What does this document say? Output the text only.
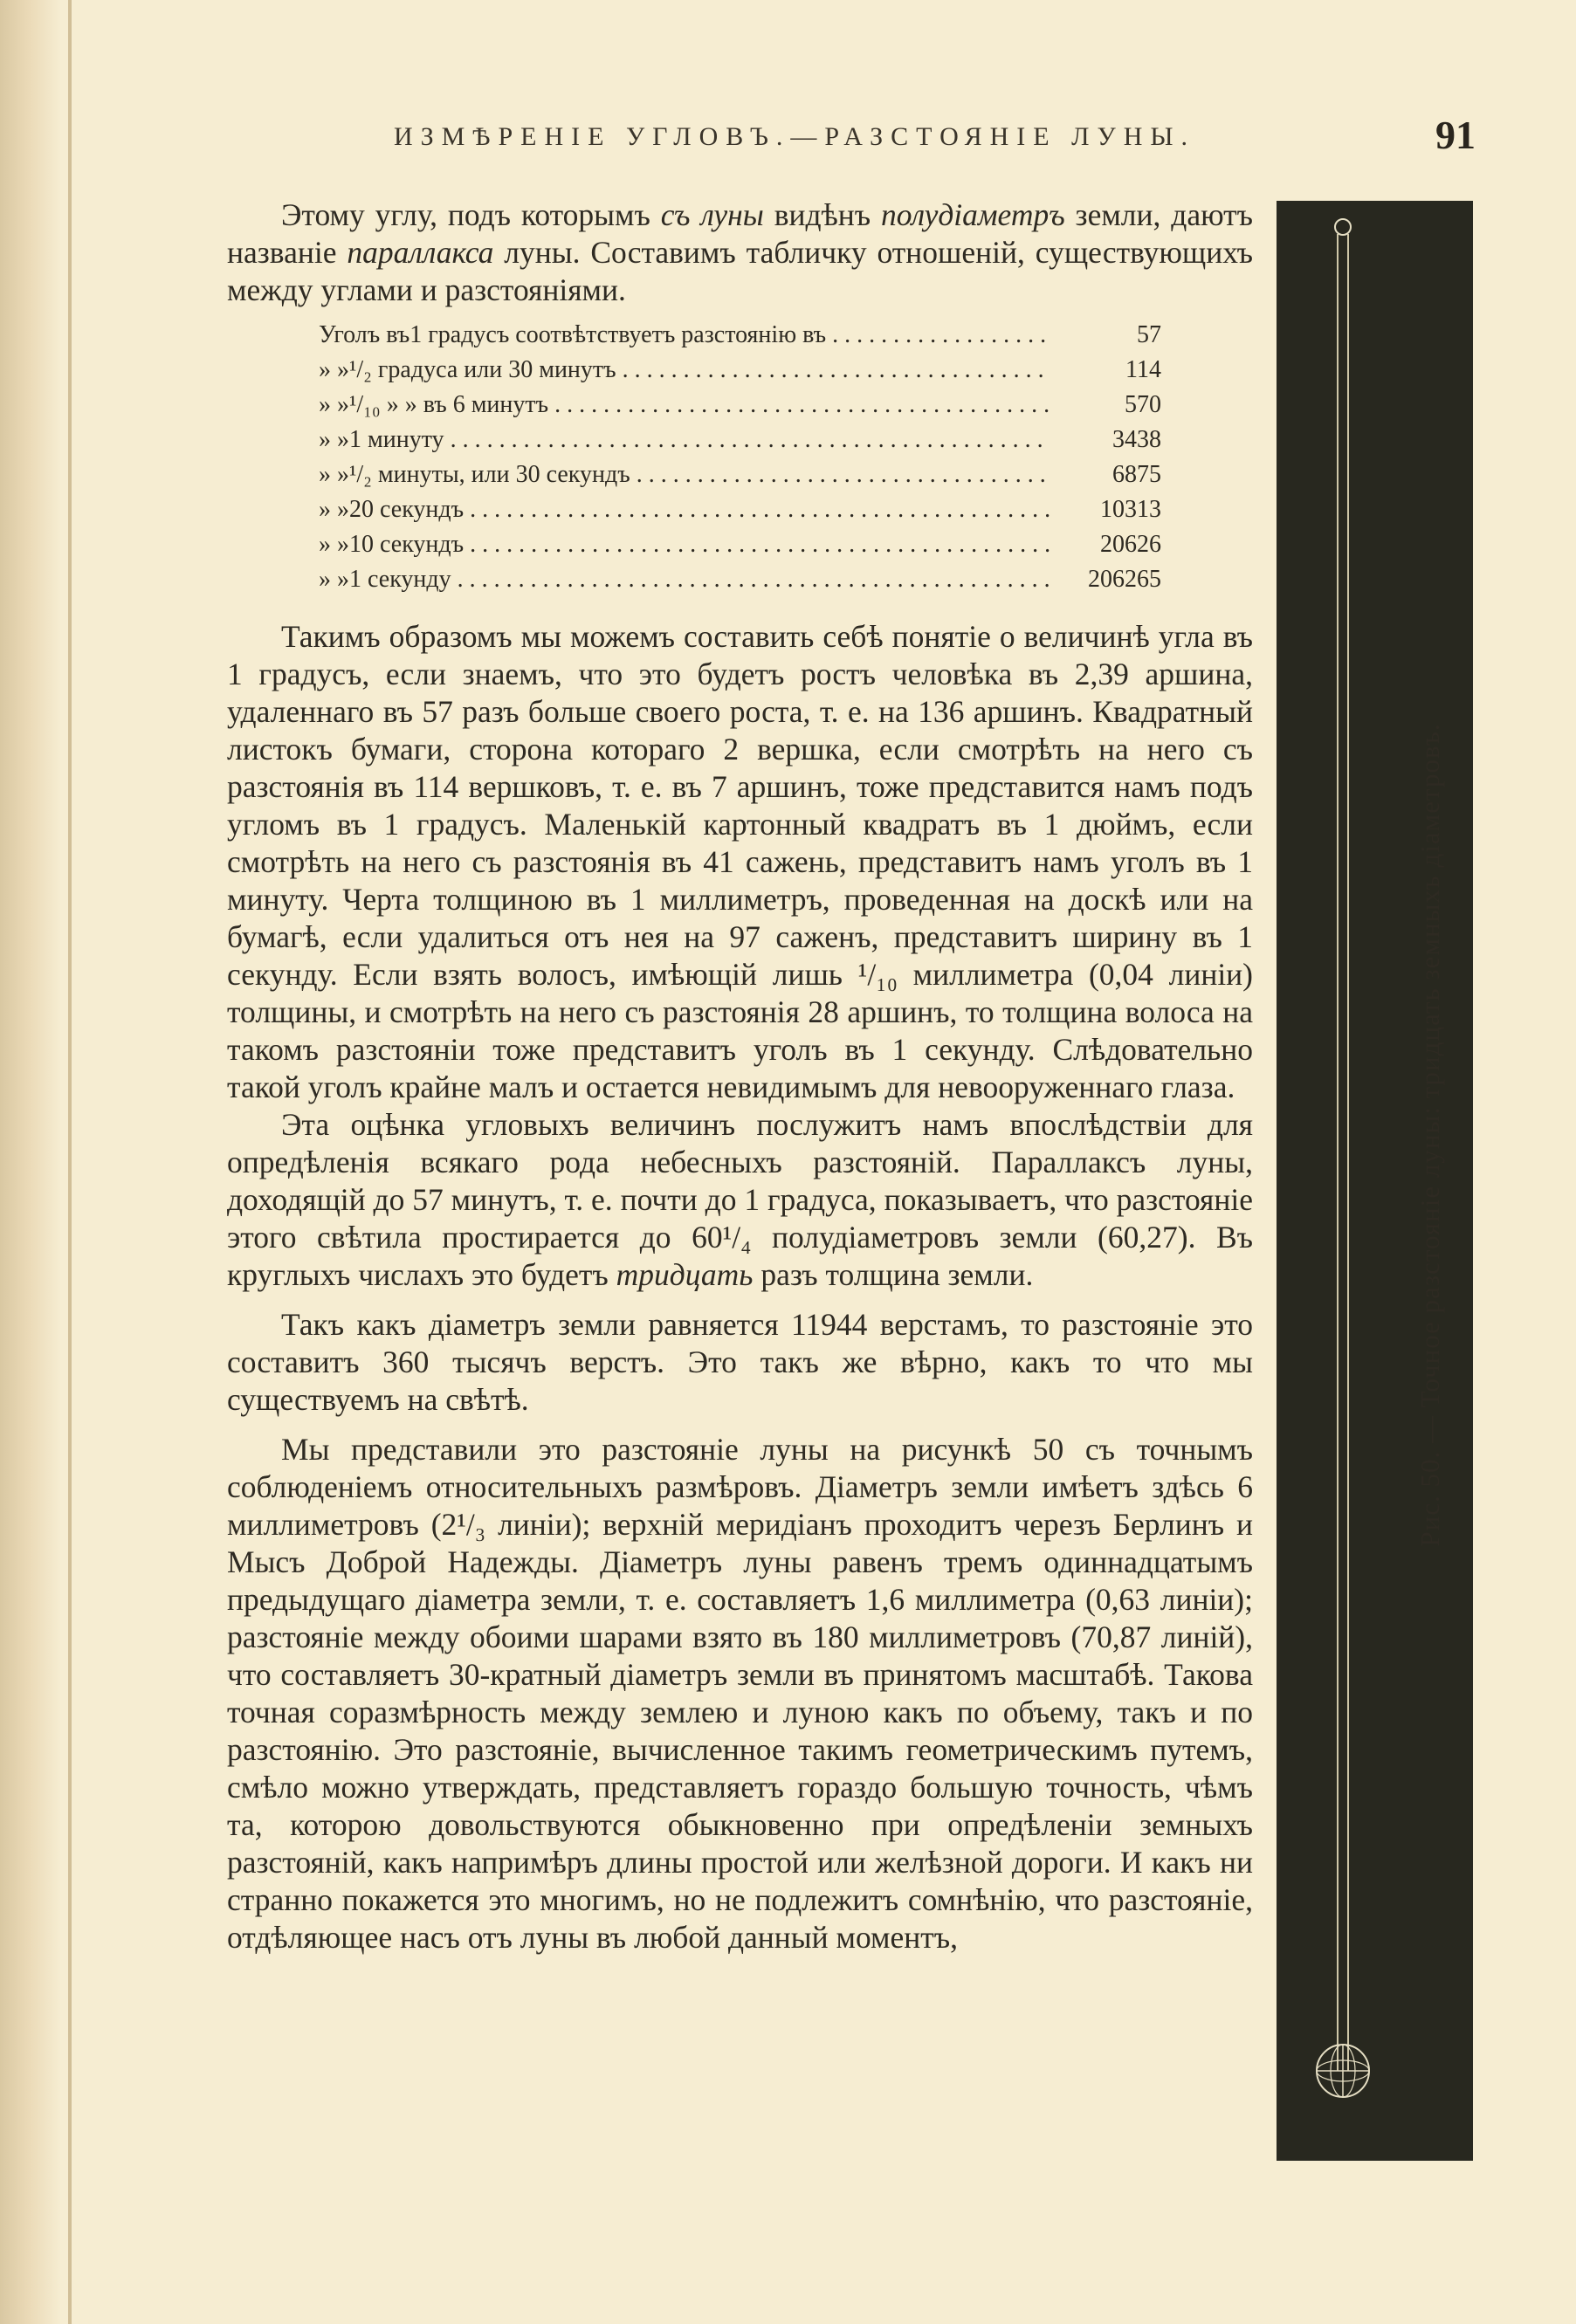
ИЗМѢРЕНІЕ УГЛОВЪ.—РАЗСТОЯНІЕ ЛУНЫ.	91

Этому углу, подъ которымъ съ луны видѣнъ полудіаметръ земли, даютъ названіе параллакса луны. Составимъ табличку отношеній, существующихъ между углами и разстояніями.

Уголъ въ 1 градусъ соотвѣтствуетъ разстоянію въ . . .	57
» » ¹/₂ градуса или 30 минутъ . . .	114
» » ¹/₁₀ » » въ 6 минутъ . . .	570
» » 1 минуту . . .	3438
» » ¹/₂ минуты, или 30 секундъ . . .	6875
» » 20 секундъ . . .	10313
» » 10 секундъ . . .	20626
» » 1 секунду . . .	206265

Такимъ образомъ мы можемъ составить себѣ понятіе о величинѣ угла въ 1 градусъ, если знаемъ, что это будетъ ростъ человѣка въ 2,39 аршина, удаленнаго въ 57 разъ больше своего роста, т. е. на 136 аршинъ. Квадратный листокъ бумаги, сторона котораго 2 вершка, если смотрѣть на него съ разстоянія въ 114 вершковъ, т. е. въ 7 аршинъ, тоже представится намъ подъ угломъ въ 1 градусъ. Маленькій картонный квадратъ въ 1 дюймъ, если смотрѣть на него съ разстоянія въ 41 сажень, представитъ намъ уголъ въ 1 минуту. Черта толщиною въ 1 миллиметръ, проведенная на доскѣ или на бумагѣ, если удалиться отъ нея на 97 саженъ, представитъ ширину въ 1 секунду. Если взять волосъ, имѣющій лишь ¹/₁₀ миллиметра (0,04 линіи) толщины, и смотрѣть на него съ разстоянія 28 аршинъ, то толщина волоса на такомъ разстояніи тоже представитъ уголъ въ 1 секунду. Слѣдовательно такой уголъ крайне малъ и остается невидимымъ для невооруженнаго глаза.

Эта оцѣнка угловыхъ величинъ послужитъ намъ впослѣдствіи для опредѣленія всякаго рода небесныхъ разстояній. Параллаксъ луны, доходящій до 57 минутъ, т. е. почти до 1 градуса, показываетъ, что разстояніе этого свѣтила простирается до 60¹/₄ полудіаметровъ земли (60,27). Въ круглыхъ числахъ это будетъ тридцать разъ толщина земли.

Такъ какъ діаметръ земли равняется 11944 верстамъ, то разстояніе это составитъ 360 тысячъ верстъ. Это такъ же вѣрно, какъ то что мы существуемъ на свѣтѣ.

Мы представили это разстояніе луны на рисункѣ 50 съ точнымъ соблюденіемъ относительныхъ размѣровъ. Діаметръ земли имѣетъ здѣсь 6 миллиметровъ (2¹/₃ линіи); верхній меридіанъ проходитъ черезъ Берлинъ и Мысъ Доброй Надежды. Діаметръ луны равенъ тремъ одиннадцатымъ предыдущаго діаметра земли, т. е. составляетъ 1,6 миллиметра (0,63 линіи); разстояніе между обоими шарами взято въ 180 миллиметровъ (70,87 линій), что составляетъ 30-кратный діаметръ земли въ принятомъ масштабѣ. Такова точная соразмѣрность между землею и луною какъ по объему, такъ и по разстоянію. Это разстояніе, вычисленное такимъ геометрическимъ путемъ, смѣло можно утверждать, представляетъ гораздо большую точность, чѣмъ та, которою довольствуются обыкновенно при опредѣленіи земныхъ разстояній, какъ напримѣръ длины простой или желѣзной дороги. И какъ ни странно покажется это многимъ, но не подлежитъ сомнѣнію, что разстояніе, отдѣляющее насъ отъ луны въ любой данный моментъ,

Рис. 50. — Точное разстояніе луны: тридцать земныхъ діаметровъ.
